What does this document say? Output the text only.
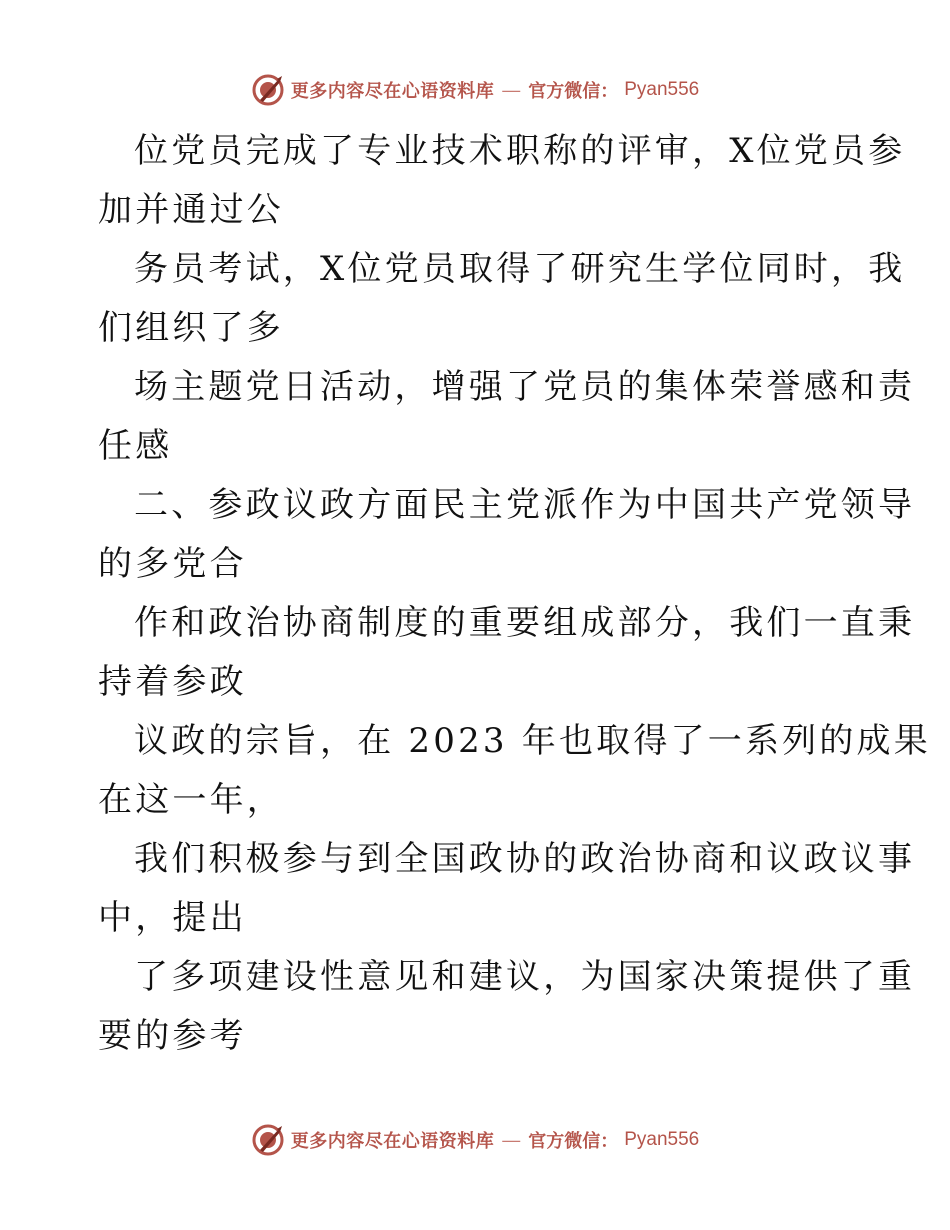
更多内容尽在心语资料库 — 官方微信： Pyan556
位党员完成了专业技术职称的评审，X位党员参
加并通过公
务员考试，X位党员取得了研究生学位同时，我
们组织了多
场主题党日活动，增强了党员的集体荣誉感和责
任感
二、参政议政方面民主党派作为中国共产党领导
的多党合
作和政治协商制度的重要组成部分，我们一直秉
持着参政
议政的宗旨，在 2023 年也取得了一系列的成果
在这一年，
我们积极参与到全国政协的政治协商和议政议事
中，提出
了多项建设性意见和建议，为国家决策提供了重
要的参考
更多内容尽在心语资料库 — 官方微信： Pyan556
